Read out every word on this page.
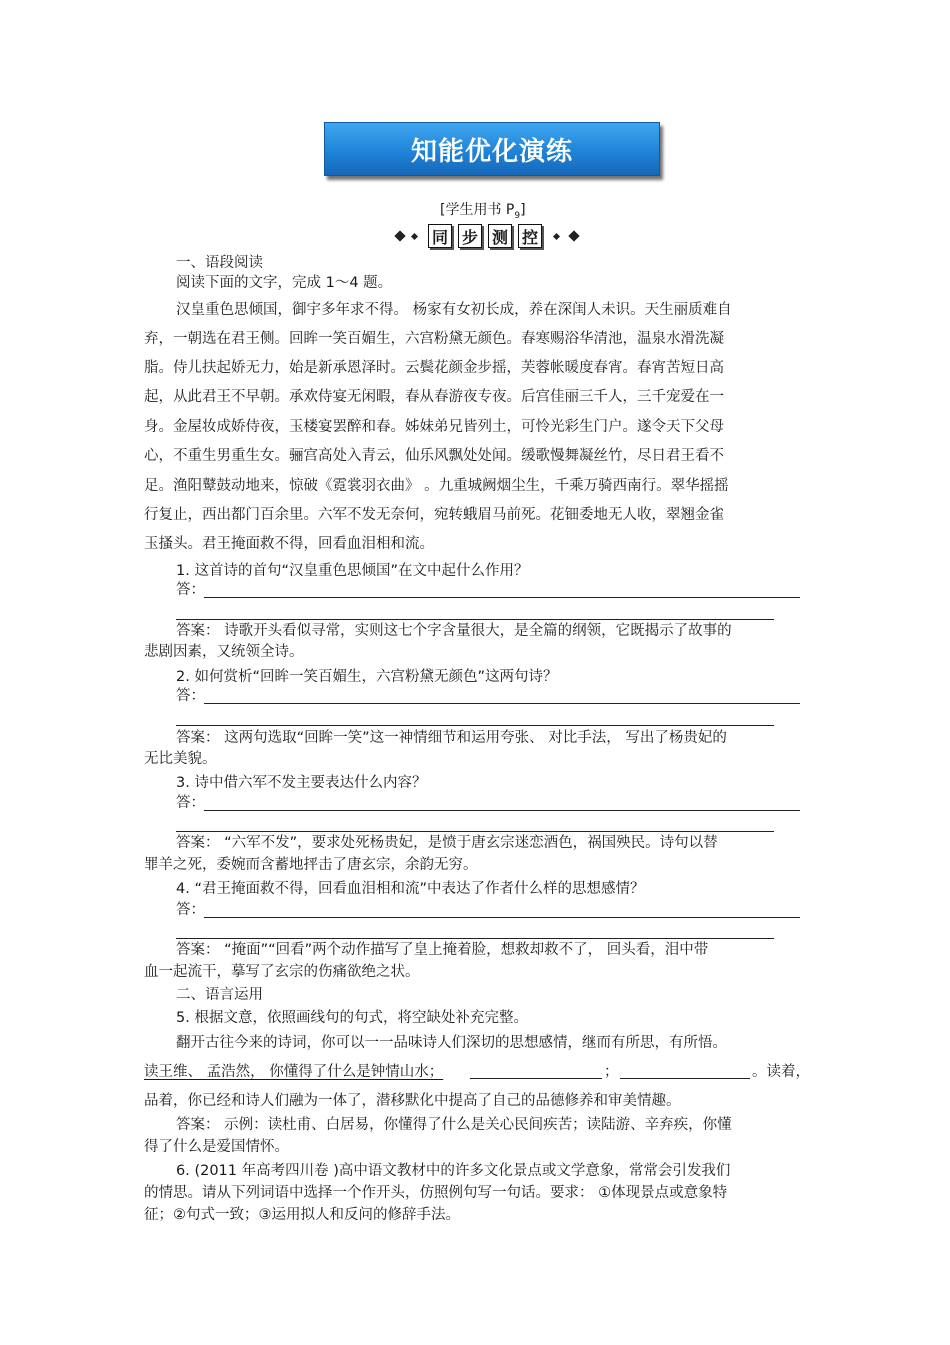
知能优化演练
[学生用书 $P_9$]
同 步 测 控
一、语段阅读
阅读下面的文字，完成 1～4 题。
汉皇重色思倾国，御宇多年求不得。 杨家有女初长成，养在深闺人未识。天生丽质难自
弃，一朝选在君王侧。回眸一笑百媚生，六宫粉黛无颜色。春寒赐浴华清池，温泉水滑洗凝
脂。侍儿扶起娇无力，始是新承恩泽时。云鬓花颜金步摇，芙蓉帐暖度春宵。春宵苦短日高
起，从此君王不早朝。承欢侍宴无闲暇，春从春游夜专夜。后宫佳丽三千人，三千宠爱在一
身。金屋妆成娇侍夜，玉楼宴罢醉和春。姊妹弟兄皆列土，可怜光彩生门户。遂令天下父母
心，不重生男重生女。骊宫高处入青云，仙乐风飘处处闻。缓歌慢舞凝丝竹，尽日君王看不
足。渔阳鼙鼓动地来，惊破《霓裳羽衣曲》 。九重城阙烟尘生，千乘万骑西南行。翠华摇摇
行复止，西出都门百余里。六军不发无奈何，宛转蛾眉马前死。花钿委地无人收，翠翘金雀
玉搔头。君王掩面救不得，回看血泪相和流。
1. 这首诗的首句“汉皇重色思倾国”在文中起什么作用？
答：
答案： 诗歌开头看似寻常，实则这七个字含量很大，是全篇的纲领，它既揭示了故事的
悲剧因素，又统领全诗。
2. 如何赏析“回眸一笑百媚生，六宫粉黛无颜色”这两句诗？
答：
答案： 这两句选取“回眸一笑”这一神情细节和运用夸张、 对比手法， 写出了杨贵妃的
无比美貌。
3. 诗中借六军不发主要表达什么内容？
答：
答案： “六军不发”，要求处死杨贵妃，是愤于唐玄宗迷恋酒色，祸国殃民。诗句以替
罪羊之死，委婉而含蓄地抨击了唐玄宗，余韵无穷。
4. “君王掩面救不得，回看血泪相和流”中表达了作者什么样的思想感情？
答：
答案： “掩面”“回看”两个动作描写了皇上掩着脸，想救却救不了， 回头看，泪中带
血一起流干，摹写了玄宗的伤痛欲绝之状。
二、语言运用
5. 根据文意，依照画线句的句式，将空缺处补充完整。
翻开古往今来的诗词，你可以一一品味诗人们深切的思想感情，继而有所思，有所悟。
读王维、 孟浩然， 你懂得了什么是钟情山水；	；	。读着，
品着，你已经和诗人们融为一体了，潜移默化中提高了自己的品德修养和审美情趣。
答案： 示例：读杜甫、白居易，你懂得了什么是关心民间疾苦；读陆游、辛弃疾，你懂
得了什么是爱国情怀。
6. (2011 年高考四川卷 )高中语文教材中的许多文化景点或文学意象，常常会引发我们
的情思。请从下列词语中选择一个作开头，仿照例句写一句话。要求： ①体现景点或意象特
征；②句式一致；③运用拟人和反问的修辞手法。
